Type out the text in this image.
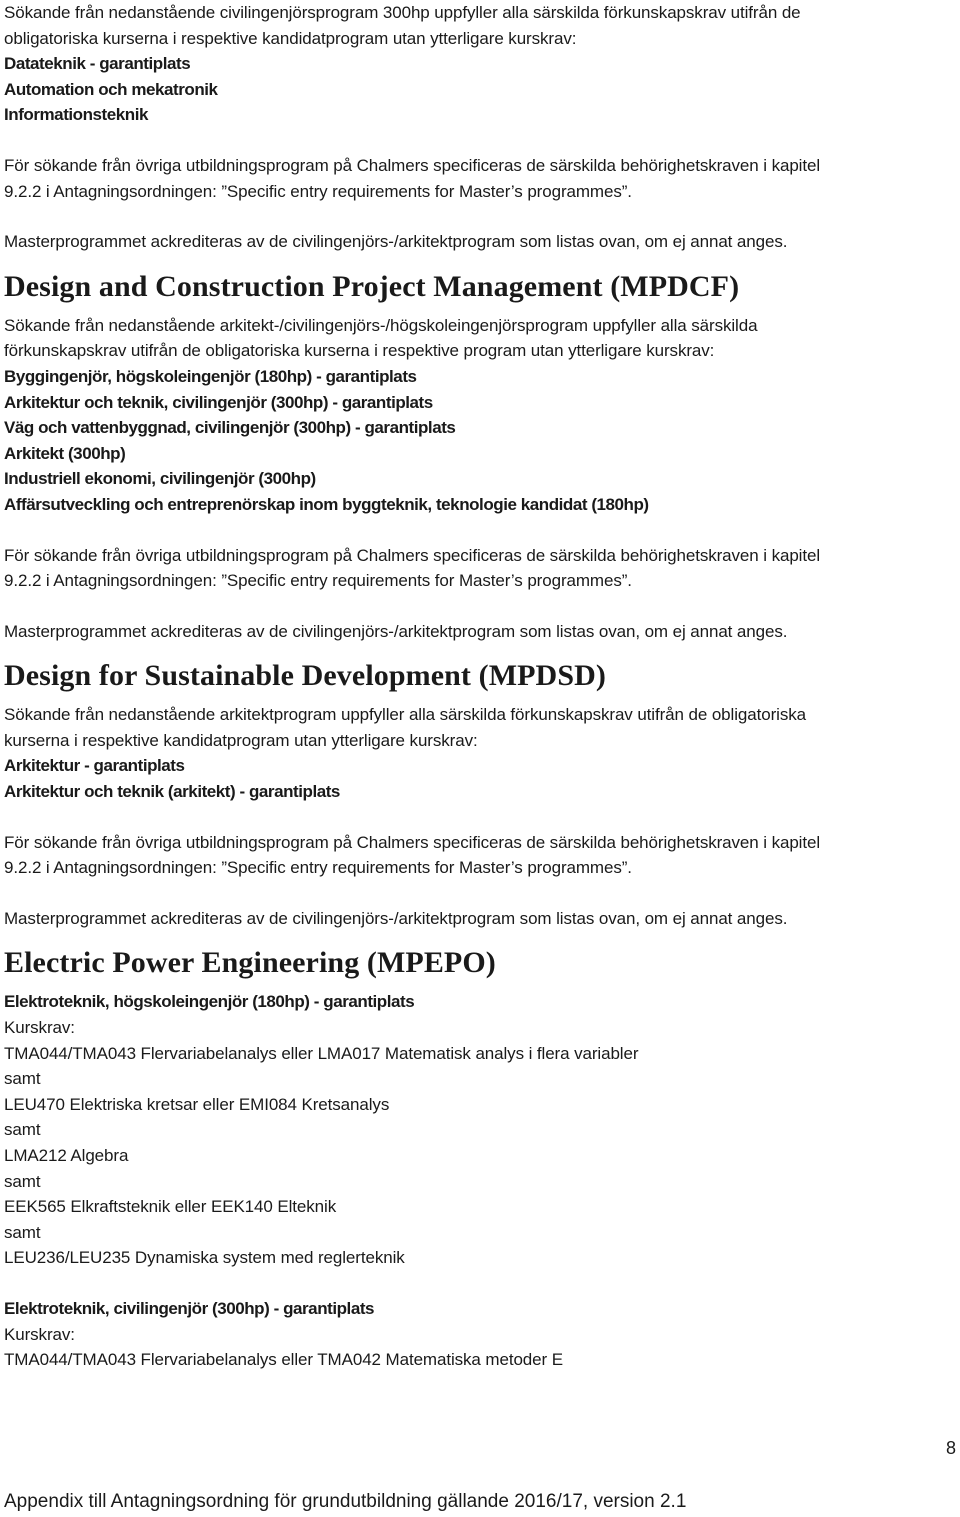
Sökande från nedanstående civilingenjörsprogram 300hp uppfyller alla särskilda förkunskapskrav utifrån de
obligatoriska kurserna i respektive kandidatprogram utan ytterligare kurskrav:
Datateknik - garantiplats
Automation och mekatronik
Informationsteknik
För sökande från övriga utbildningsprogram på Chalmers specificeras de särskilda behörighetskraven i kapitel
9.2.2 i Antagningsordningen: ”Specific entry requirements for Master’s programmes”.
Masterprogrammet ackrediteras av de civilingenjörs-/arkitektprogram som listas ovan, om ej annat anges.
Design and Construction Project Management (MPDCF)
Sökande från nedanstående arkitekt-/civilingenjörs-/högskoleingenjörsprogram uppfyller alla särskilda
förkunskapskrav utifrån de obligatoriska kurserna i respektive program utan ytterligare kurskrav:
Byggingenjör, högskoleingenjör (180hp) - garantiplats
Arkitektur och teknik, civilingenjör (300hp) - garantiplats
Väg och vattenbyggnad, civilingenjör (300hp) - garantiplats
Arkitekt (300hp)
Industriell ekonomi, civilingenjör (300hp)
Affärsutveckling och entreprenörskap inom byggteknik, teknologie kandidat (180hp)
För sökande från övriga utbildningsprogram på Chalmers specificeras de särskilda behörighetskraven i kapitel
9.2.2 i Antagningsordningen: ”Specific entry requirements for Master’s programmes”.
Masterprogrammet ackrediteras av de civilingenjörs-/arkitektprogram som listas ovan, om ej annat anges.
Design for Sustainable Development (MPDSD)
Sökande från nedanstående arkitektprogram uppfyller alla särskilda förkunskapskrav utifrån de obligatoriska
kurserna i respektive kandidatprogram utan ytterligare kurskrav:
Arkitektur - garantiplats
Arkitektur och teknik (arkitekt) - garantiplats
För sökande från övriga utbildningsprogram på Chalmers specificeras de särskilda behörighetskraven i kapitel
9.2.2 i Antagningsordningen: ”Specific entry requirements for Master’s programmes”.
Masterprogrammet ackrediteras av de civilingenjörs-/arkitektprogram som listas ovan, om ej annat anges.
Electric Power Engineering (MPEPO)
Elektroteknik, högskoleingenjör (180hp) - garantiplats
Kurskrav:
TMA044/TMA043 Flervariabelanalys eller LMA017 Matematisk analys i flera variabler
samt
LEU470 Elektriska kretsar eller EMI084 Kretsanalys
samt
LMA212 Algebra
samt
EEK565 Elkraftsteknik eller EEK140 Elteknik
samt
LEU236/LEU235 Dynamiska system med reglerteknik
Elektroteknik, civilingenjör (300hp) - garantiplats
Kurskrav:
TMA044/TMA043 Flervariabelanalys eller TMA042 Matematiska metoder E
8
Appendix till Antagningsordning för grundutbildning gällande 2016/17, version 2.1
